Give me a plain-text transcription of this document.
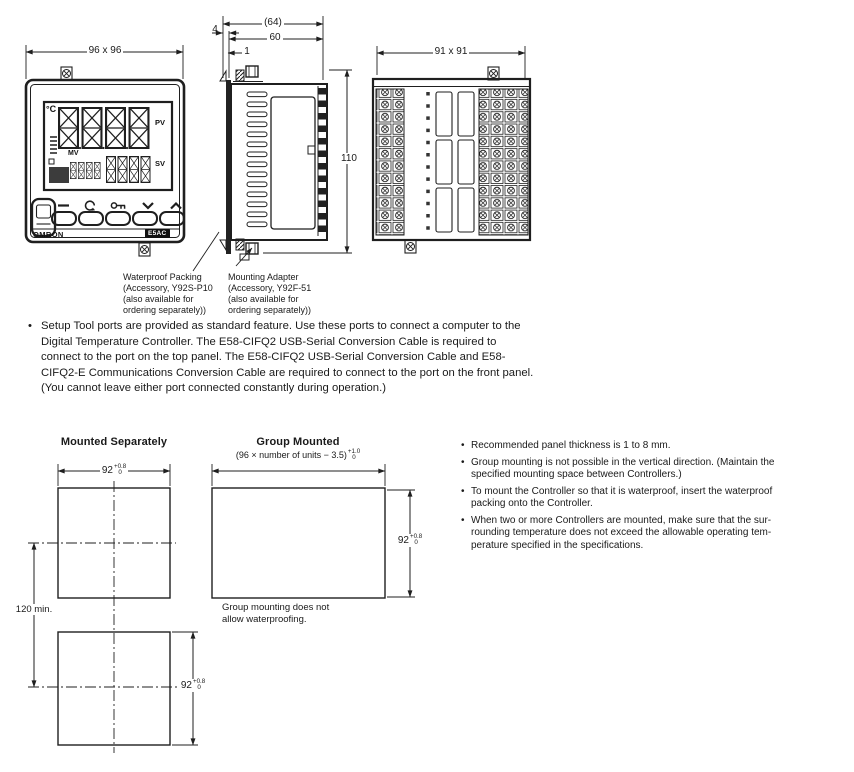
96 x 96
(64)
4
60
1
110
91 x 91
°C
PV
MV
SV
OMRON	E5AC
Waterproof Packing
(Accessory, Y92S-P10
(also available for
ordering separately))
Mounting Adapter
(Accessory, Y92F-51
(also available for
ordering separately))
• Setup Tool ports are provided as standard feature. Use these ports to connect a computer to the
Digital Temperature Controller. The E58-CIFQ2 USB-Serial Conversion Cable is required to
connect to the port on the top panel. The E58-CIFQ2 USB-Serial Conversion Cable and E58-
CIFQ2-E Communications Conversion Cable are required to connect to the port on the front panel.
(You cannot leave either port connected constantly during operation.)
Mounted Separately	Group Mounted
(96 × number of units − 3.5) +1.0
0
92 +0.8
0
120 min.
92 +0.8
0
92 +0.8
0
Group mounting does not
allow waterproofing.
• Recommended panel thickness is 1 to 8 mm.
• Group mounting is not possible in the vertical direction. (Maintain the
specified mounting space between Controllers.)
• To mount the Controller so that it is waterproof, insert the waterproof
packing onto the Controller.
• When two or more Controllers are mounted, make sure that the sur-
rounding temperature does not exceed the allowable operating tem-
perature specified in the specifications.
